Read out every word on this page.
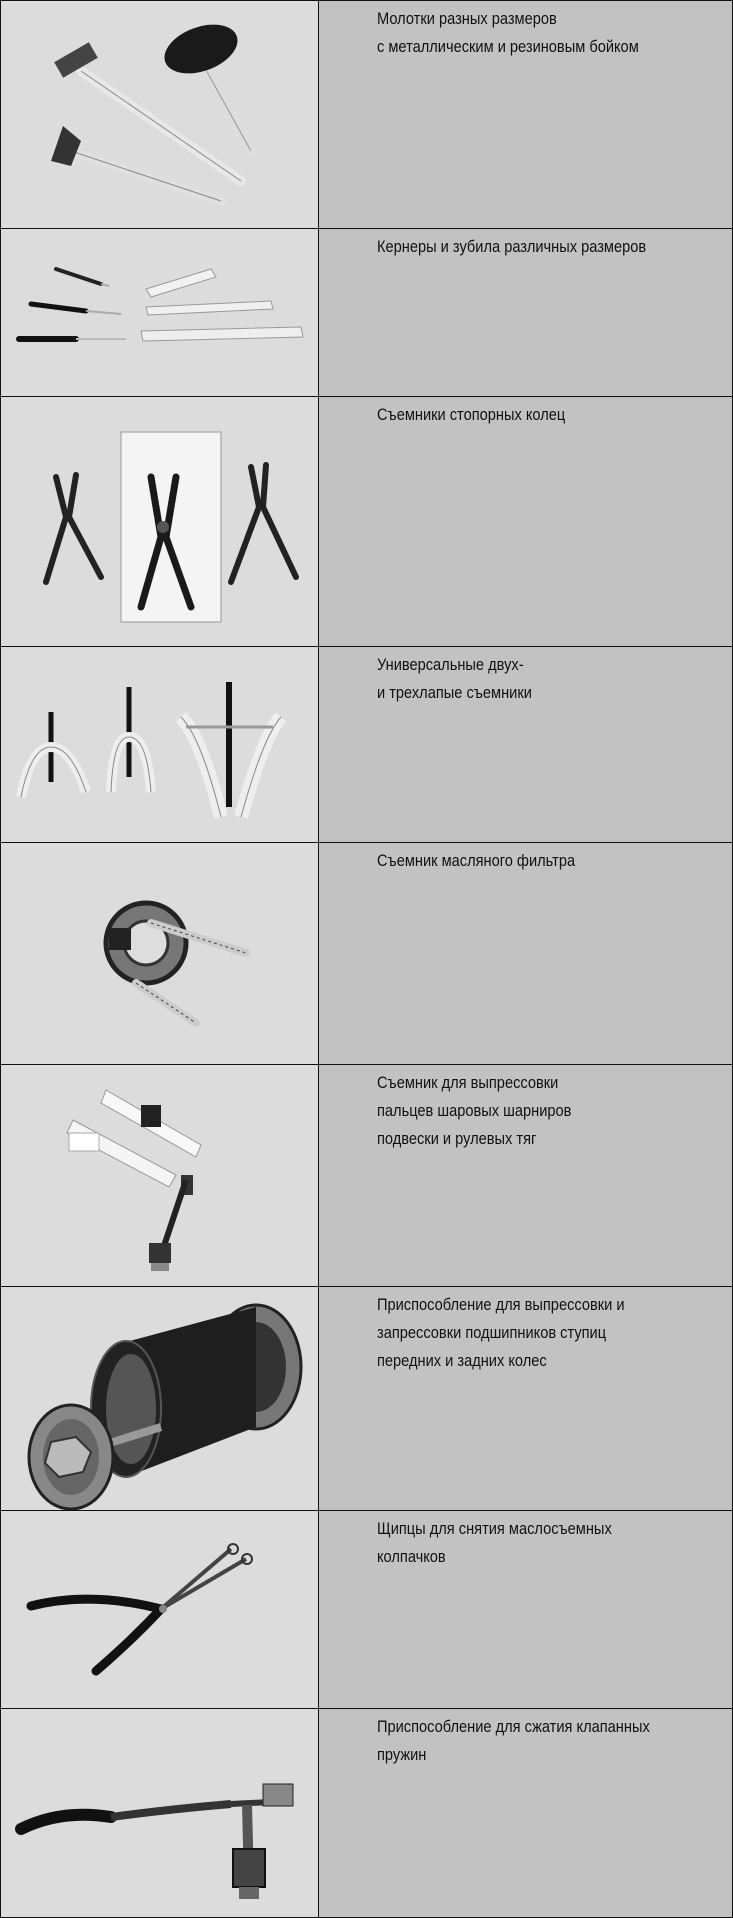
Молотки разных размеров
с металлическим и резиновым бойком
Кернеры и зубила различных размеров
Съемники стопорных колец
Универсальные двух-
и трехлапые съемники
Съемник масляного фильтра
Съемник для выпрессовки
пальцев шаровых шарниров
подвески и рулевых тяг
Приспособление для выпрессовки и
запрессовки подшипников ступиц
передних и задних колес
Щипцы для снятия маслосъемных
колпачков
Приспособление для сжатия клапанных
пружин
